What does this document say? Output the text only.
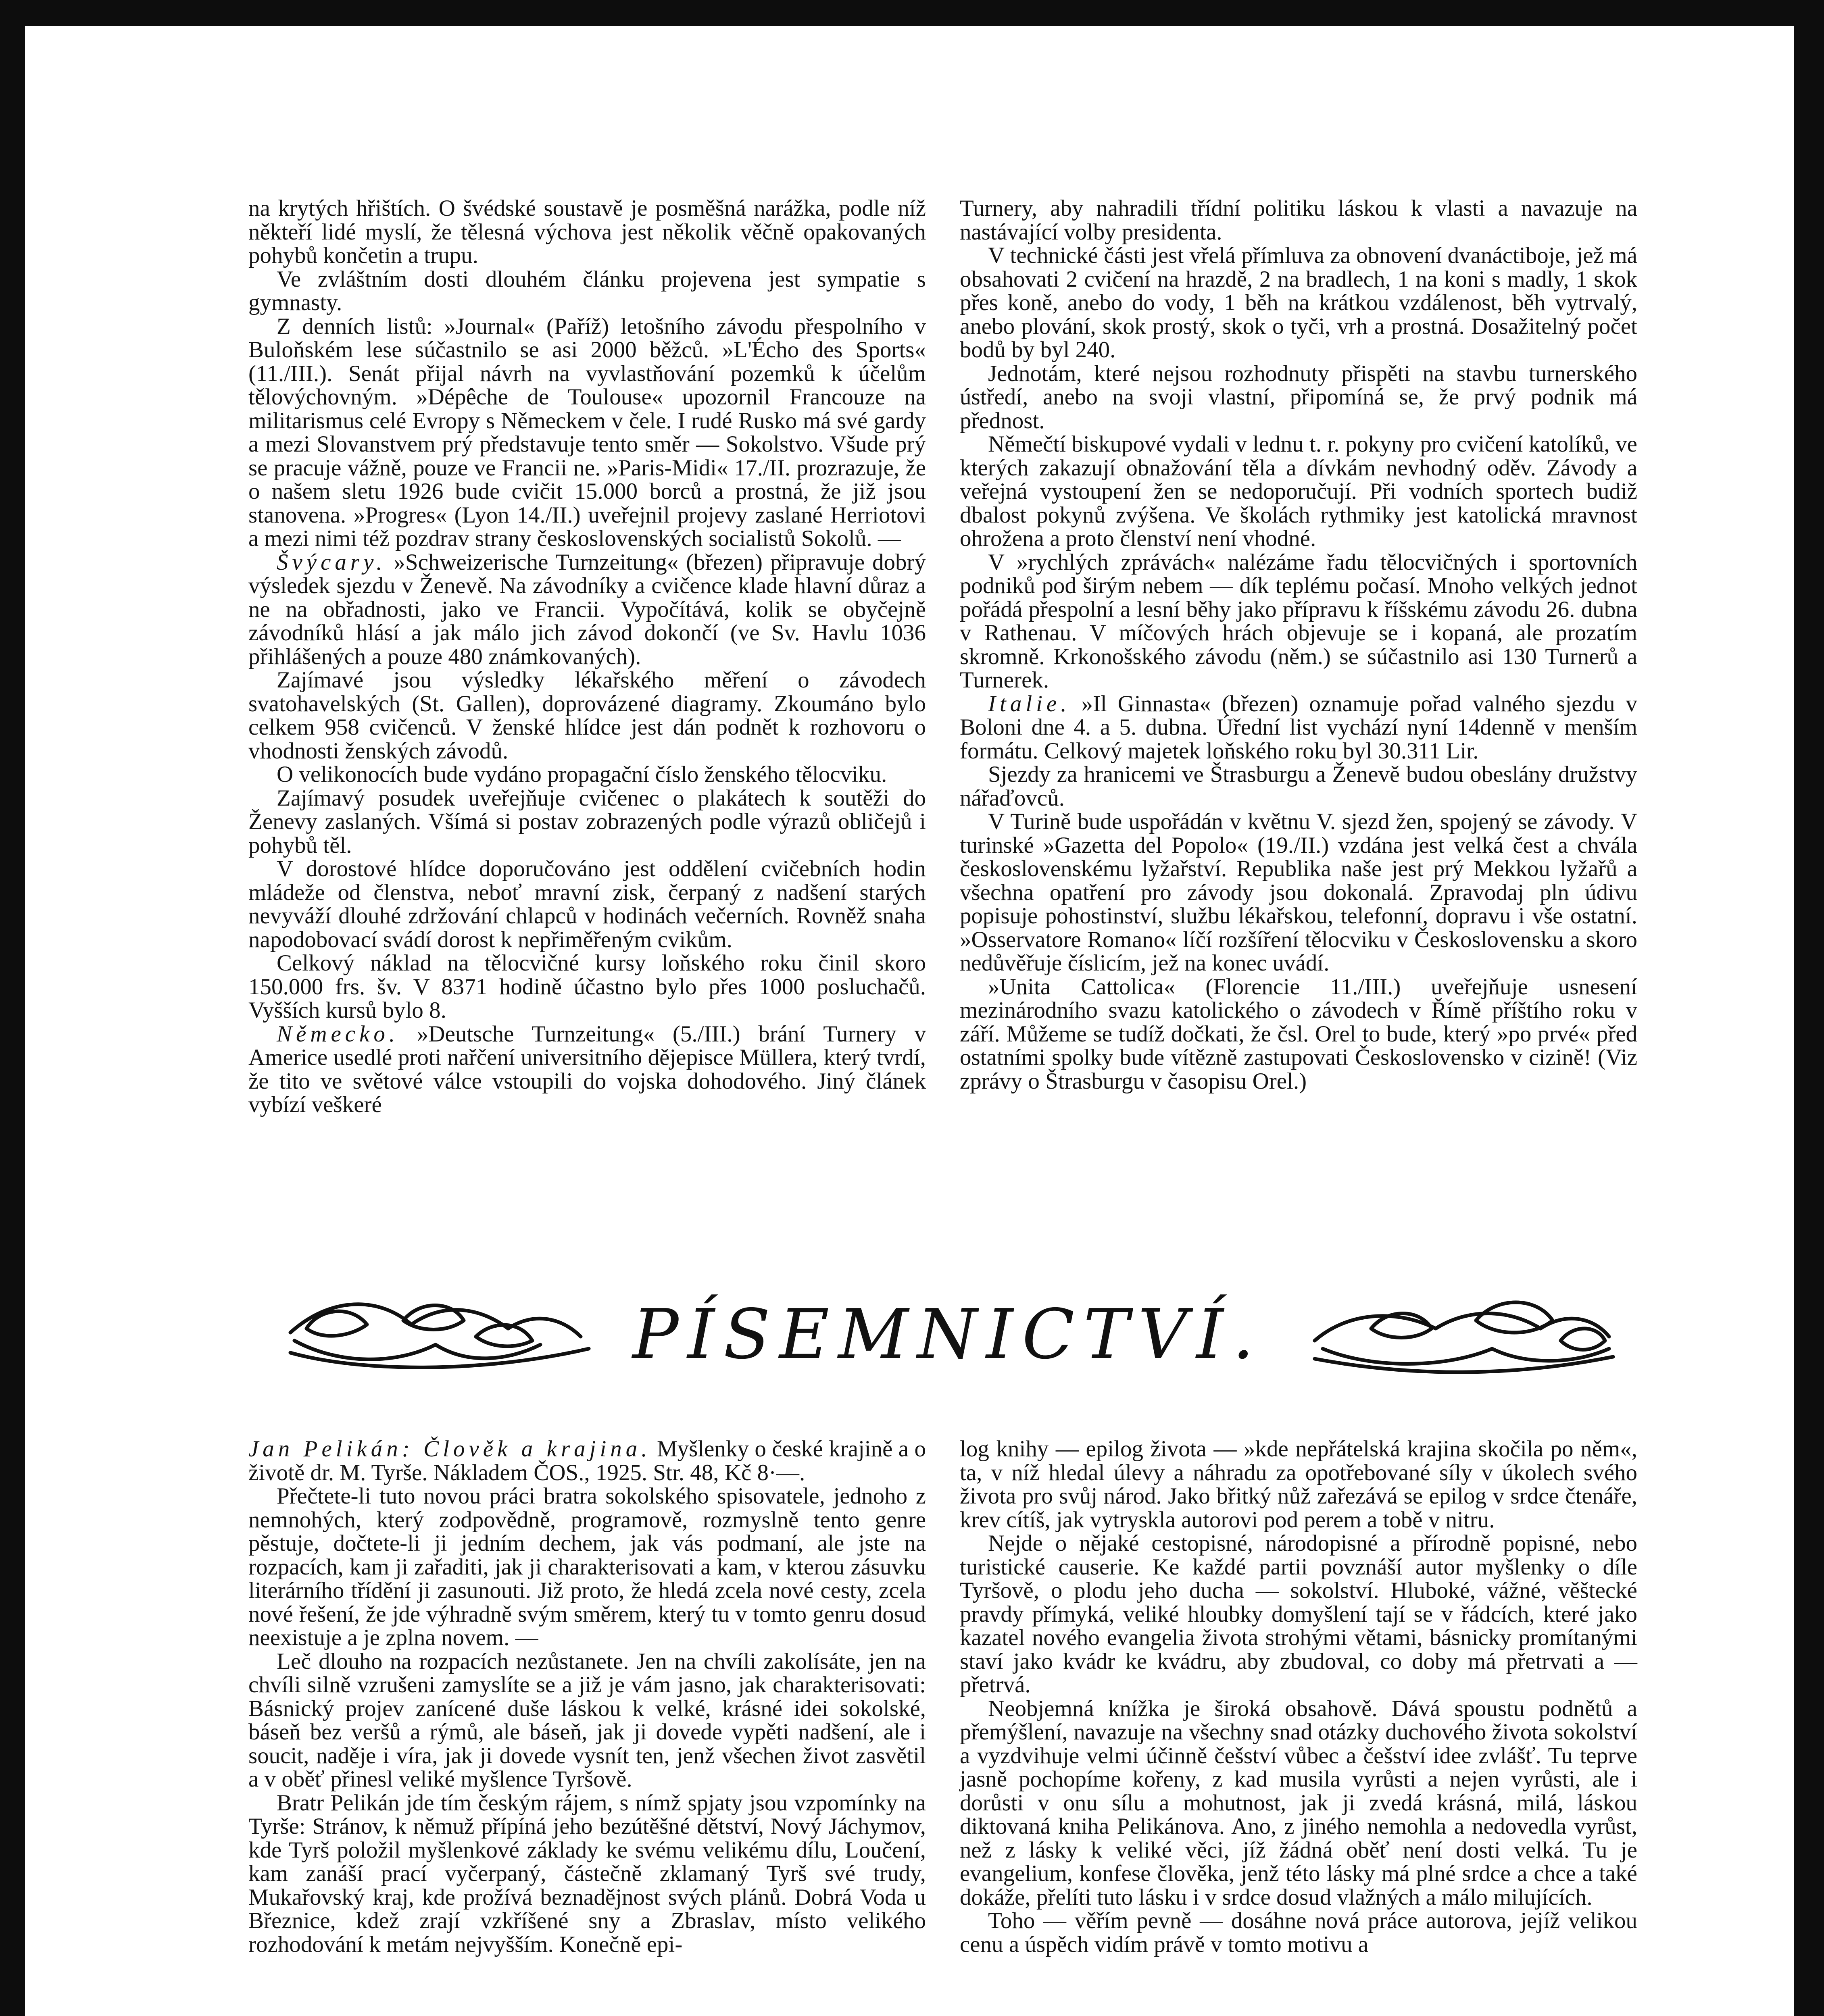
na krytých hřištích. O švédské soustavě je posměšná narážka, podle níž někteří lidé myslí, že tělesná výchova jest několik věčně opakovaných pohybů končetin a trupu.

Ve zvláštním dosti dlouhém článku projevena jest sympatie s gymnasty.

Z denních listů: »Journal« (Paříž) letošního závodu přespolního v Buloňském lese súčastnilo se asi 2000 běžců. »L'Écho des Sports« (11./III.). Senát přijal návrh na vyvlastňování pozemků k účelům tělovýchovným. »Dépêche de Toulouse« upozornil Francouze na militarismus celé Evropy s Německem v čele. I rudé Rusko má své gardy a mezi Slovanstvem prý představuje tento směr — Sokolstvo. Všude prý se pracuje vážně, pouze ve Francii ne. »Paris-Midi« 17./II. prozrazuje, že o našem sletu 1926 bude cvičit 15.000 borců a prostná, že již jsou stanovena. »Progres« (Lyon 14./II.) uveřejnil projevy zaslané Herriotovi a mezi nimi též pozdrav strany československých socialistů Sokolů. —

Švýcary. »Schweizerische Turnzeitung« (březen) připravuje dobrý výsledek sjezdu v Ženevě. Na závodníky a cvičence klade hlavní důraz a ne na obřadnosti, jako ve Francii. Vypočítává, kolik se obyčejně závodníků hlásí a jak málo jich závod dokončí (ve Sv. Havlu 1036 přihlášených a pouze 480 známkovaných).

Zajímavé jsou výsledky lékařského měření o závodech svatohavelských (St. Gallen), doprovázené diagramy. Zkoumáno bylo celkem 958 cvičenců. V ženské hlídce jest dán podnět k rozhovoru o vhodnosti ženských závodů.

O velikonocích bude vydáno propagační číslo ženského tělocviku.

Zajímavý posudek uveřejňuje cvičenec o plakátech k soutěži do Ženevy zaslaných. Všímá si postav zobrazených podle výrazů obličejů i pohybů těl.

V dorostové hlídce doporučováno jest oddělení cvičebních hodin mládeže od členstva, neboť mravní zisk, čerpaný z nadšení starých nevyváží dlouhé zdržování chlapců v hodinách večerních. Rovněž snaha napodobovací svádí dorost k nepřiměřeným cvikům.

Celkový náklad na tělocvičné kursy loňského roku činil skoro 150.000 frs. šv. V 8371 hodině účastno bylo přes 1000 posluchačů. Vyšších kursů bylo 8.

Německo. »Deutsche Turnzeitung« (5./III.) brání Turnery v Americe usedlé proti nařčení universitního dějepisce Müllera, který tvrdí, že tito ve světové válce vstoupili do vojska dohodového. Jiný článek vybízí veškeré

Turnery, aby nahradili třídní politiku láskou k vlasti a navazuje na nastávající volby presidenta.

V technické části jest vřelá přímluva za obnovení dvanáctiboje, jež má obsahovati 2 cvičení na hrazdě, 2 na bradlech, 1 na koni s madly, 1 skok přes koně, anebo do vody, 1 běh na krátkou vzdálenost, běh vytrvalý, anebo plování, skok prostý, skok o tyči, vrh a prostná. Dosažitelný počet bodů by byl 240.

Jednotám, které nejsou rozhodnuty přispěti na stavbu turnerského ústředí, anebo na svoji vlastní, připomíná se, že prvý podnik má přednost.

Němečtí biskupové vydali v lednu t. r. pokyny pro cvičení katolíků, ve kterých zakazují obnažování těla a dívkám nevhodný oděv. Závody a veřejná vystoupení žen se nedoporučují. Při vodních sportech budiž dbalost pokynů zvýšena. Ve školách rythmiky jest katolická mravnost ohrožena a proto členství není vhodné.

V »rychlých zprávách« nalézáme řadu tělocvičných i sportovních podniků pod širým nebem — dík teplému počasí. Mnoho velkých jednot pořádá přespolní a lesní běhy jako přípravu k říšskému závodu 26. dubna v Rathenau. V míčových hrách objevuje se i kopaná, ale prozatím skromně. Krkonošského závodu (něm.) se súčastnilo asi 130 Turnerů a Turnerek.

Italie. »Il Ginnasta« (březen) oznamuje pořad valného sjezdu v Boloni dne 4. a 5. dubna. Úřední list vychází nyní 14denně v menším formátu. Celkový majetek loňského roku byl 30.311 Lir.

Sjezdy za hranicemi ve Štrasburgu a Ženevě budou obeslány družstvy nářaďovců.

V Turině bude uspořádán v květnu V. sjezd žen, spojený se závody. V turinské »Gazetta del Popolo« (19./II.) vzdána jest velká čest a chvála československému lyžařství. Republika naše jest prý Mekkou lyžařů a všechna opatření pro závody jsou dokonalá. Zpravodaj pln údivu popisuje pohostinství, službu lékařskou, telefonní, dopravu i vše ostatní. »Osservatore Romano« líčí rozšíření tělocviku v Československu a skoro nedůvěřuje číslicím, jež na konec uvádí.

»Unita Cattolica« (Florencie 11./III.) uveřejňuje usnesení mezinárodního svazu katolického o závodech v Římě příštího roku v září. Můžeme se tudíž dočkati, že čsl. Orel to bude, který »po prvé« před ostatními spolky bude vítězně zastupovati Československo v cizině! (Viz zprávy o Štrasburgu v časopisu Orel.)

PÍSEMNICTVÍ.

Jan Pelikán: Člověk a krajina. Myšlenky o české krajině a o životě dr. M. Tyrše. Nákladem ČOS., 1925. Str. 48, Kč 8·—.

Přečtete-li tuto novou práci bratra sokolského spisovatele, jednoho z nemnohých, který zodpovědně, programově, rozmyslně tento genre pěstuje, dočtete-li ji jedním dechem, jak vás podmaní, ale jste na rozpacích, kam ji zařaditi, jak ji charakterisovati a kam, v kterou zásuvku literárního třídění ji zasunouti. Již proto, že hledá zcela nové cesty, zcela nové řešení, že jde výhradně svým směrem, který tu v tomto genru dosud neexistuje a je zplna novem. —

Leč dlouho na rozpacích nezůstanete. Jen na chvíli zakolísáte, jen na chvíli silně vzrušeni zamyslíte se a již je vám jasno, jak charakterisovati: Básnický projev zanícené duše láskou k velké, krásné idei sokolské, báseň bez veršů a rýmů, ale báseň, jak ji dovede vypěti nadšení, ale i soucit, naděje i víra, jak ji dovede vysnít ten, jenž všechen život zasvětil a v oběť přinesl veliké myšlence Tyršově.

Bratr Pelikán jde tím českým rájem, s nímž spjaty jsou vzpomínky na Tyrše: Stránov, k němuž přípíná jeho bezútěšné dětství, Nový Jáchymov, kde Tyrš položil myšlenkové základy ke svému velikému dílu, Loučení, kam zanáší prací vyčerpaný, částečně zklamaný Tyrš své trudy, Mukařovský kraj, kde prožívá beznadějnost svých plánů. Dobrá Voda u Březnice, kdež zrají vzkříšené sny a Zbraslav, místo velikého rozhodování k metám nejvyšším. Konečně epi-

log knihy — epilog života — »kde nepřátelská krajina skočila po něm«, ta, v níž hledal úlevy a náhradu za opotřebované síly v úkolech svého života pro svůj národ. Jako břitký nůž zařezává se epilog v srdce čtenáře, krev cítíš, jak vytryskla autorovi pod perem a tobě v nitru.

Nejde o nějaké cestopisné, národopisné a přírodně popisné, nebo turistické causerie. Ke každé partii povznáší autor myšlenky o díle Tyršově, o plodu jeho ducha — sokolství. Hluboké, vážné, věštecké pravdy přímyká, veliké hloubky domyšlení tají se v řádcích, které jako kazatel nového evangelia života strohými větami, básnicky promítanými staví jako kvádr ke kvádru, aby zbudoval, co doby má přetrvati a — přetrvá.

Neobjemná knížka je široká obsahově. Dává spoustu podnětů a přemýšlení, navazuje na všechny snad otázky duchového života sokolství a vyzdvihuje velmi účinně češství vůbec a češství idee zvlášť. Tu teprve jasně pochopíme kořeny, z kad musila vyrůsti a nejen vyrůsti, ale i dorůsti v onu sílu a mohutnost, jak ji zvedá krásná, milá, láskou diktovaná kniha Pelikánova. Ano, z jiného nemohla a nedovedla vyrůst, než z lásky k veliké věci, jíž žádná oběť není dosti velká. Tu je evangelium, konfese člověka, jenž této lásky má plné srdce a chce a také dokáže, přelíti tuto lásku i v srdce dosud vlažných a málo milujících.

Toho — věřím pevně — dosáhne nová práce autorova, jejíž velikou cenu a úspěch vidím právě v tomto motivu a
